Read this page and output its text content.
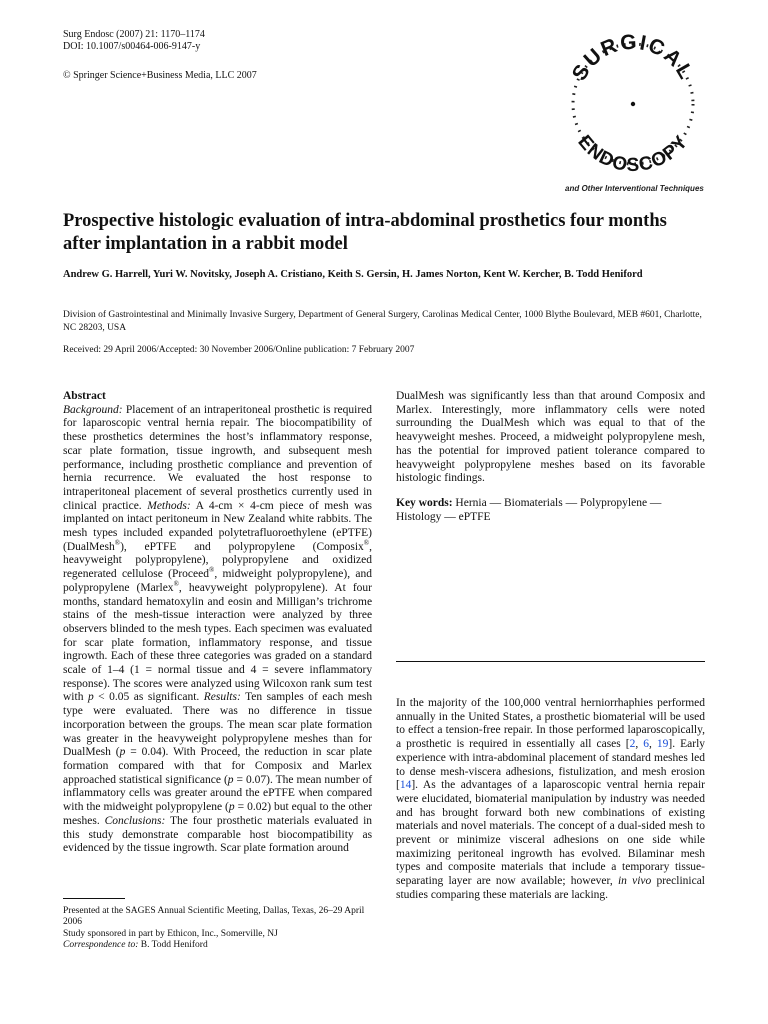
Surg Endosc (2007) 21: 1170–1174
DOI: 10.1007/s00464-006-9147-y
© Springer Science+Business Media, LLC 2007	SURGICAL
ENDOSCOPY
and Other Interventional Techniques
Prospective histologic evaluation of intra-abdominal prosthetics four months after implantation in a rabbit model
Andrew G. Harrell, Yuri W. Novitsky, Joseph A. Cristiano, Keith S. Gersin, H. James Norton, Kent W. Kercher, B. Todd Heniford
Division of Gastrointestinal and Minimally Invasive Surgery, Department of General Surgery, Carolinas Medical Center, 1000 Blythe Boulevard, MEB #601, Charlotte, NC 28203, USA
Received: 29 April 2006/Accepted: 30 November 2006/Online publication: 7 February 2007
Abstract

Background: Placement of an intraperitoneal prosthetic is required for laparoscopic ventral hernia repair. The biocompatibility of these prosthetics determines the host’s inflammatory response, scar plate formation, tissue ingrowth, and subsequent mesh performance, including prosthetic compliance and prevention of hernia recurrence. We evaluated the host response to intraperitoneal placement of several prosthetics currently used in clinical practice. Methods: A 4-cm × 4-cm piece of mesh was implanted on intact peritoneum in New Zealand white rabbits. The mesh types included expanded polytetrafluoroethylene (ePTFE) (DualMesh®), ePTFE and polypropylene (Composix®, heavyweight polypropylene), polypropylene and oxidized regenerated cellulose (Proceed®, midweight polypropylene), and polypropylene (Marlex®, heavyweight polypropylene). At four months, standard hematoxylin and eosin and Milligan’s trichrome stains of the mesh-tissue interaction were analyzed by three observers blinded to the mesh types. Each specimen was evaluated for scar plate formation, inflammatory response, and tissue ingrowth. Each of these three categories was graded on a standard scale of 1–4 (1 = normal tissue and 4 = severe inflammatory response). The scores were analyzed using Wilcoxon rank sum test with p < 0.05 as significant. Results: Ten samples of each mesh type were evaluated. There was no difference in tissue incorporation between the groups. The mean scar plate formation was greater in the heavyweight polypropylene meshes than for DualMesh (p = 0.04). With Proceed, the reduction in scar plate formation compared with that for Composix and Marlex approached statistical significance (p = 0.07). The mean number of inflammatory cells was greater around the ePTFE when compared with the midweight polypropylene (p = 0.02) but equal to the other meshes. Conclusions: The four prosthetic materials evaluated in this study demonstrate comparable host biocompatibility as evidenced by the tissue ingrowth. Scar plate formation around

DualMesh was significantly less than that around Composix and Marlex. Interestingly, more inflammatory cells were noted surrounding the DualMesh which was equal to that of the heavyweight meshes. Proceed, a midweight polypropylene mesh, has the potential for improved patient tolerance compared to heavyweight polypropylene meshes based on its favorable histologic findings.

Key words: Hernia — Biomaterials — Polypropylene — Histology — ePTFE

In the majority of the 100,000 ventral herniorrhaphies performed annually in the United States, a prosthetic biomaterial will be used to effect a tension-free repair. In those performed laparoscopically, a prosthetic is required in essentially all cases [2, 6, 19]. Early experience with intra-abdominal placement of standard meshes led to dense mesh-viscera adhesions, fistulization, and mesh erosion [14]. As the advantages of a laparoscopic ventral hernia repair were elucidated, biomaterial manipulation by industry was needed and has brought forward both new combinations of existing materials and novel materials. The concept of a dual-sided mesh to prevent or minimize visceral adhesions on one side while maximizing peritoneal ingrowth has evolved. Bilaminar mesh types and composite materials that include a temporary tissue-separating layer are now available; however, in vivo preclinical studies comparing these materials are lacking.
Presented at the SAGES Annual Scientific Meeting, Dallas, Texas, 26–29 April 2006
Study sponsored in part by Ethicon, Inc., Somerville, NJ
Correspondence to: B. Todd Heniford
